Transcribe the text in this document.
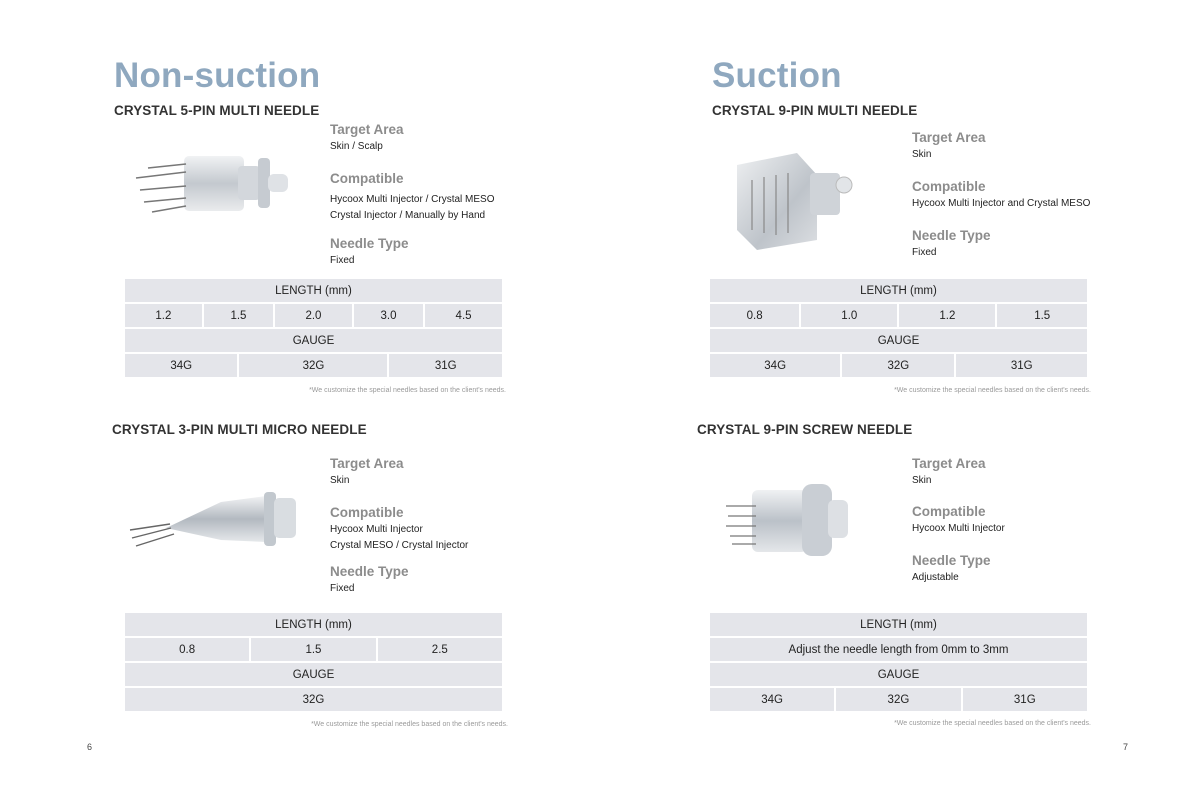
Non-suction
CRYSTAL 5-PIN MULTI NEEDLE
Target Area
Skin / Scalp
Compatible
Hycoox Multi Injector / Crystal MESO
Crystal Injector / Manually by Hand
Needle Type
Fixed
LENGTH (mm)						
1.2	1.5		2.0	3.0		4.5
GAUGE						
34G		32G			31G	
*We customize the special needles based on the client's needs.
CRYSTAL 3-PIN MULTI MICRO NEEDLE
Target Area
Skin
Compatible
Hycoox Multi Injector
Crystal MESO / Crystal Injector
Needle Type
Fixed
LENGTH (mm)
0.8	1.5	2.5
GAUGE
32G
*We customize the special needles based on the client's needs.
6
Suction
CRYSTAL 9-PIN MULTI NEEDLE
Target Area
Skin
Compatible
Hycoox Multi Injector and Crystal MESO
Needle Type
Fixed
LENGTH (mm)					
0.8	1.0		1.2		1.5
GAUGE					
34G		32G		31G	
*We customize the special needles based on the client's needs.
CRYSTAL 9-PIN SCREW NEEDLE
Target Area
Skin
Compatible
Hycoox Multi Injector
Needle Type
Adjustable
LENGTH (mm)
Adjust the needle length from 0mm to 3mm
GAUGE
34G	32G	31G
*We customize the special needles based on the client's needs.
7
